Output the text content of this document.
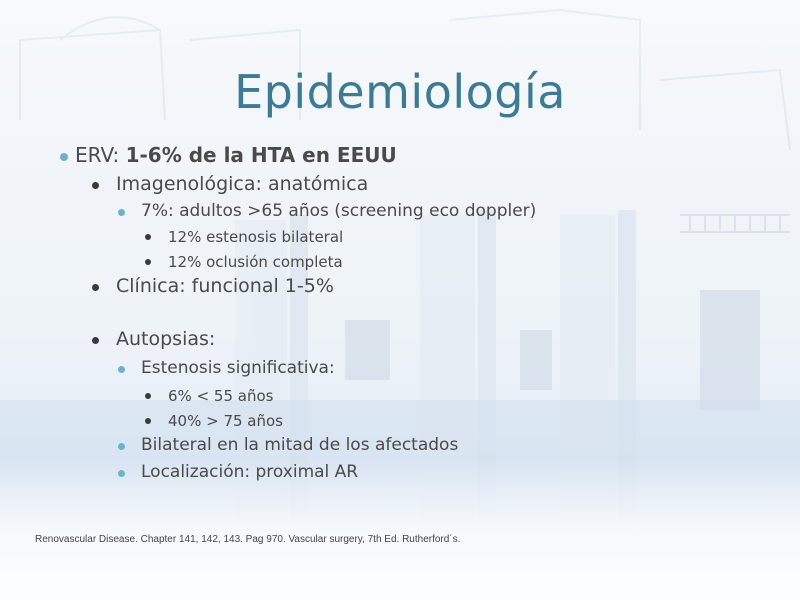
Epidemiología
ERV: 1-6% de la HTA en EEUU
Imagenológica: anatómica
7%: adultos >65 años (screening eco doppler)
12% estenosis bilateral
12% oclusión completa
Clínica: funcional 1-5%
Autopsias:
Estenosis significativa:
6% < 55 años
40% > 75 años
Bilateral en la mitad de los afectados
Localización: proximal AR
Renovascular Disease. Chapter 141, 142, 143. Pag 970. Vascular surgery, 7th Ed. Rutherford´s.
